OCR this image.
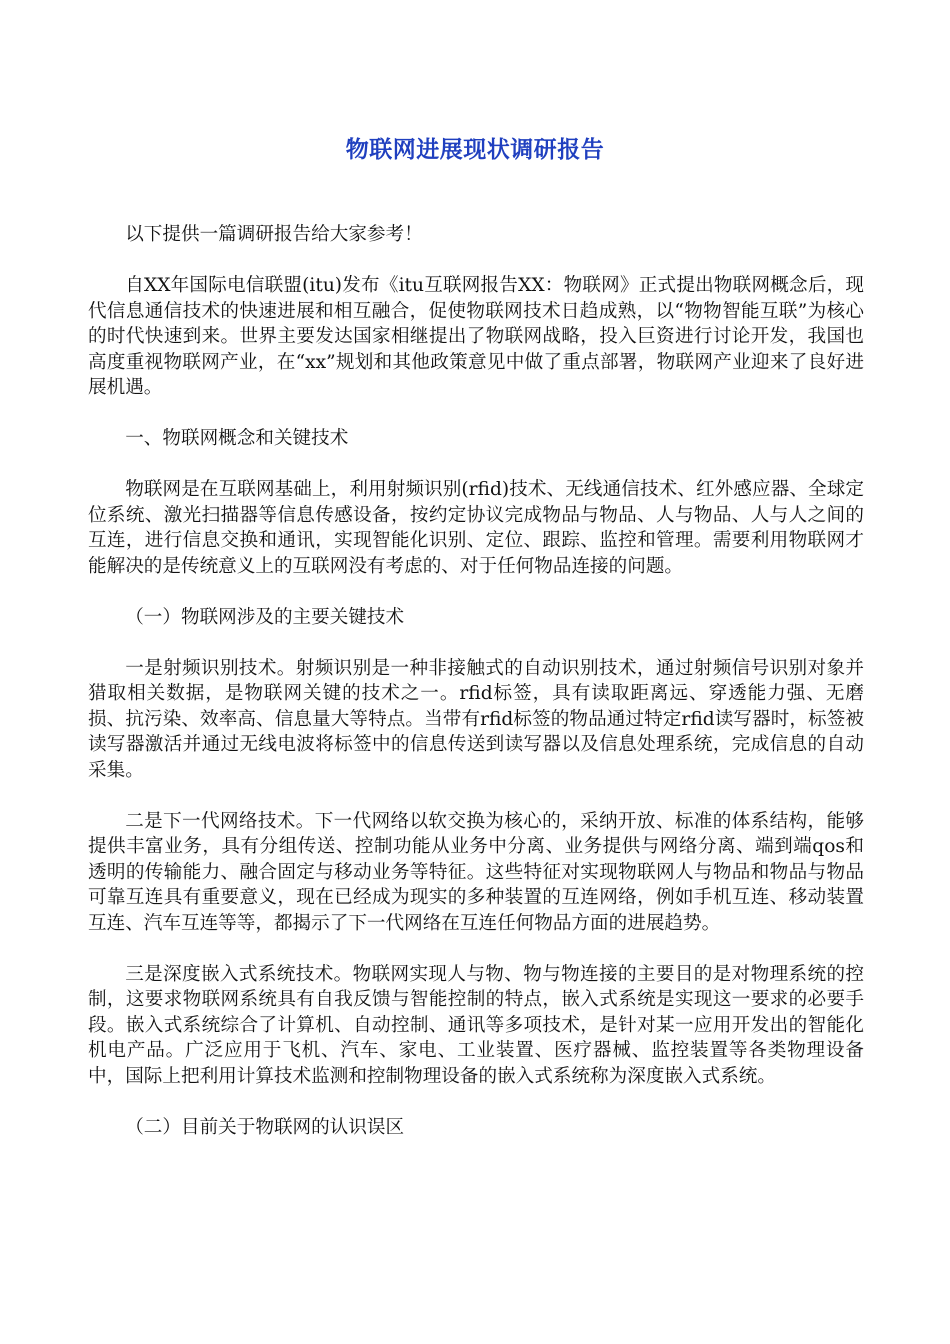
物联网进展现状调研报告

以下提供一篇调研报告给大家参考！

自XX年国际电信联盟(itu)发布《itu互联网报告XX：物联网》正式提出物联网概念后，现代信息通信技术的快速进展和相互融合，促使物联网技术日趋成熟，以“物物智能互联”为核心的时代快速到来。世界主要发达国家相继提出了物联网战略，投入巨资进行讨论开发，我国也高度重视物联网产业，在“xx”规划和其他政策意见中做了重点部署，物联网产业迎来了良好进展机遇。

一、物联网概念和关键技术

物联网是在互联网基础上，利用射频识别(rfid)技术、无线通信技术、红外感应器、全球定位系统、激光扫描器等信息传感设备，按约定协议完成物品与物品、人与物品、人与人之间的互连，进行信息交换和通讯，实现智能化识别、定位、跟踪、监控和管理。需要利用物联网才能解决的是传统意义上的互联网没有考虑的、对于任何物品连接的问题。

（一）物联网涉及的主要关键技术

一是射频识别技术。射频识别是一种非接触式的自动识别技术，通过射频信号识别对象并猎取相关数据，是物联网关键的技术之一。rfid标签，具有读取距离远、穿透能力强、无磨损、抗污染、效率高、信息量大等特点。当带有rfid标签的物品通过特定rfid读写器时，标签被读写器激活并通过无线电波将标签中的信息传送到读写器以及信息处理系统，完成信息的自动采集。

二是下一代网络技术。下一代网络以软交换为核心的，采纳开放、标准的体系结构，能够提供丰富业务，具有分组传送、控制功能从业务中分离、业务提供与网络分离、端到端qos和透明的传输能力、融合固定与移动业务等特征。这些特征对实现物联网人与物品和物品与物品可靠互连具有重要意义，现在已经成为现实的多种装置的互连网络，例如手机互连、移动装置互连、汽车互连等等，都揭示了下一代网络在互连任何物品方面的进展趋势。

三是深度嵌入式系统技术。物联网实现人与物、物与物连接的主要目的是对物理系统的控制，这要求物联网系统具有自我反馈与智能控制的特点，嵌入式系统是实现这一要求的必要手段。嵌入式系统综合了计算机、自动控制、通讯等多项技术，是针对某一应用开发出的智能化机电产品。广泛应用于飞机、汽车、家电、工业装置、医疗器械、监控装置等各类物理设备中，国际上把利用计算技术监测和控制物理设备的嵌入式系统称为深度嵌入式系统。

（二）目前关于物联网的认识误区
